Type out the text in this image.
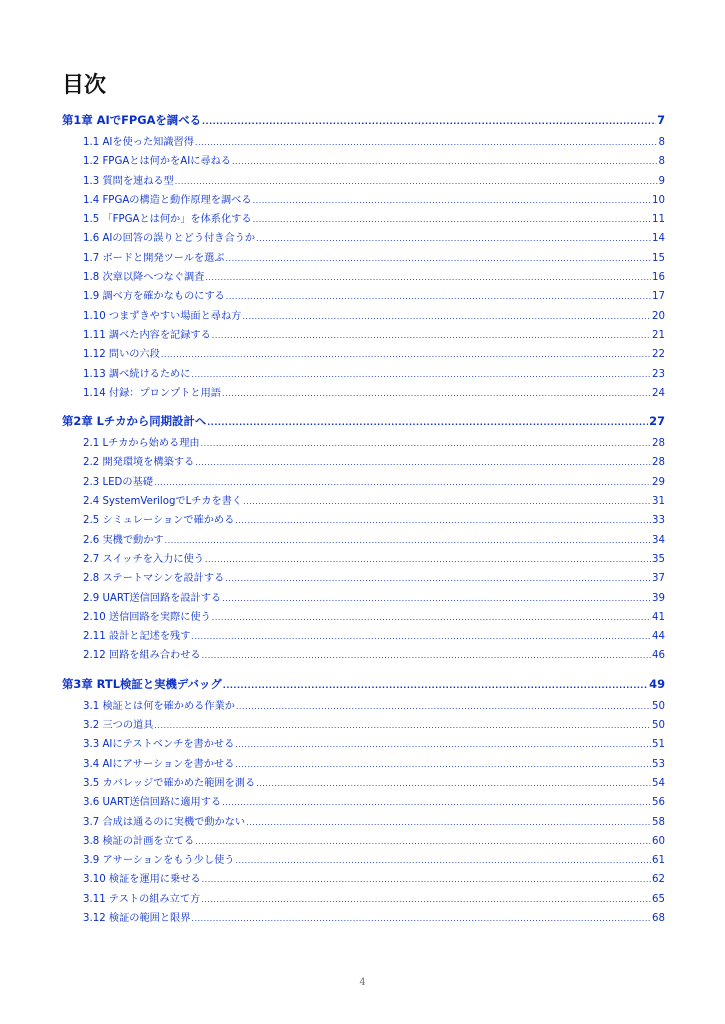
目次
第1章 AIでFPGAを調べる .....	7
1.1 AIを使った知識習得 .....	8
1.2 FPGAとは何かをAIに尋ねる .....	8
1.3 質問を連ねる型 .....	9
1.4 FPGAの構造と動作原理を調べる .....	10
1.5 「FPGAとは何か」を体系化する .....	11
1.6 AIの回答の誤りとどう付き合うか .....	14
1.7 ボードと開発ツールを選ぶ .....	15
1.8 次章以降へつなぐ調査 .....	16
1.9 調べ方を確かなものにする .....	17
1.10 つまずきやすい場面と尋ね方 .....	20
1.11 調べた内容を記録する .....	21
1.12 問いの六段 .....	22
1.13 調べ続けるために .....	23
1.14 付録：プロンプトと用語 .....	24
第2章 Lチカから同期設計へ .....	27
2.1 Lチカから始める理由 .....	28
2.2 開発環境を構築する .....	28
2.3 LEDの基礎 .....	29
2.4 SystemVerilogでLチカを書く .....	31
2.5 シミュレーションで確かめる .....	33
2.6 実機で動かす .....	34
2.7 スイッチを入力に使う .....	35
2.8 ステートマシンを設計する .....	37
2.9 UART送信回路を設計する .....	39
2.10 送信回路を実際に使う .....	41
2.11 設計と記述を残す .....	44
2.12 回路を組み合わせる .....	46
第3章 RTL検証と実機デバッグ .....	49
3.1 検証とは何を確かめる作業か .....	50
3.2 三つの道具 .....	50
3.3 AIにテストベンチを書かせる .....	51
3.4 AIにアサーションを書かせる .....	53
3.5 カバレッジで確かめた範囲を測る .....	54
3.6 UART送信回路に適用する .....	56
3.7 合成は通るのに実機で動かない .....	58
3.8 検証の計画を立てる .....	60
3.9 アサーションをもう少し使う .....	61
3.10 検証を運用に乗せる .....	62
3.11 テストの組み立て方 .....	65
3.12 検証の範囲と限界 .....	68
4
